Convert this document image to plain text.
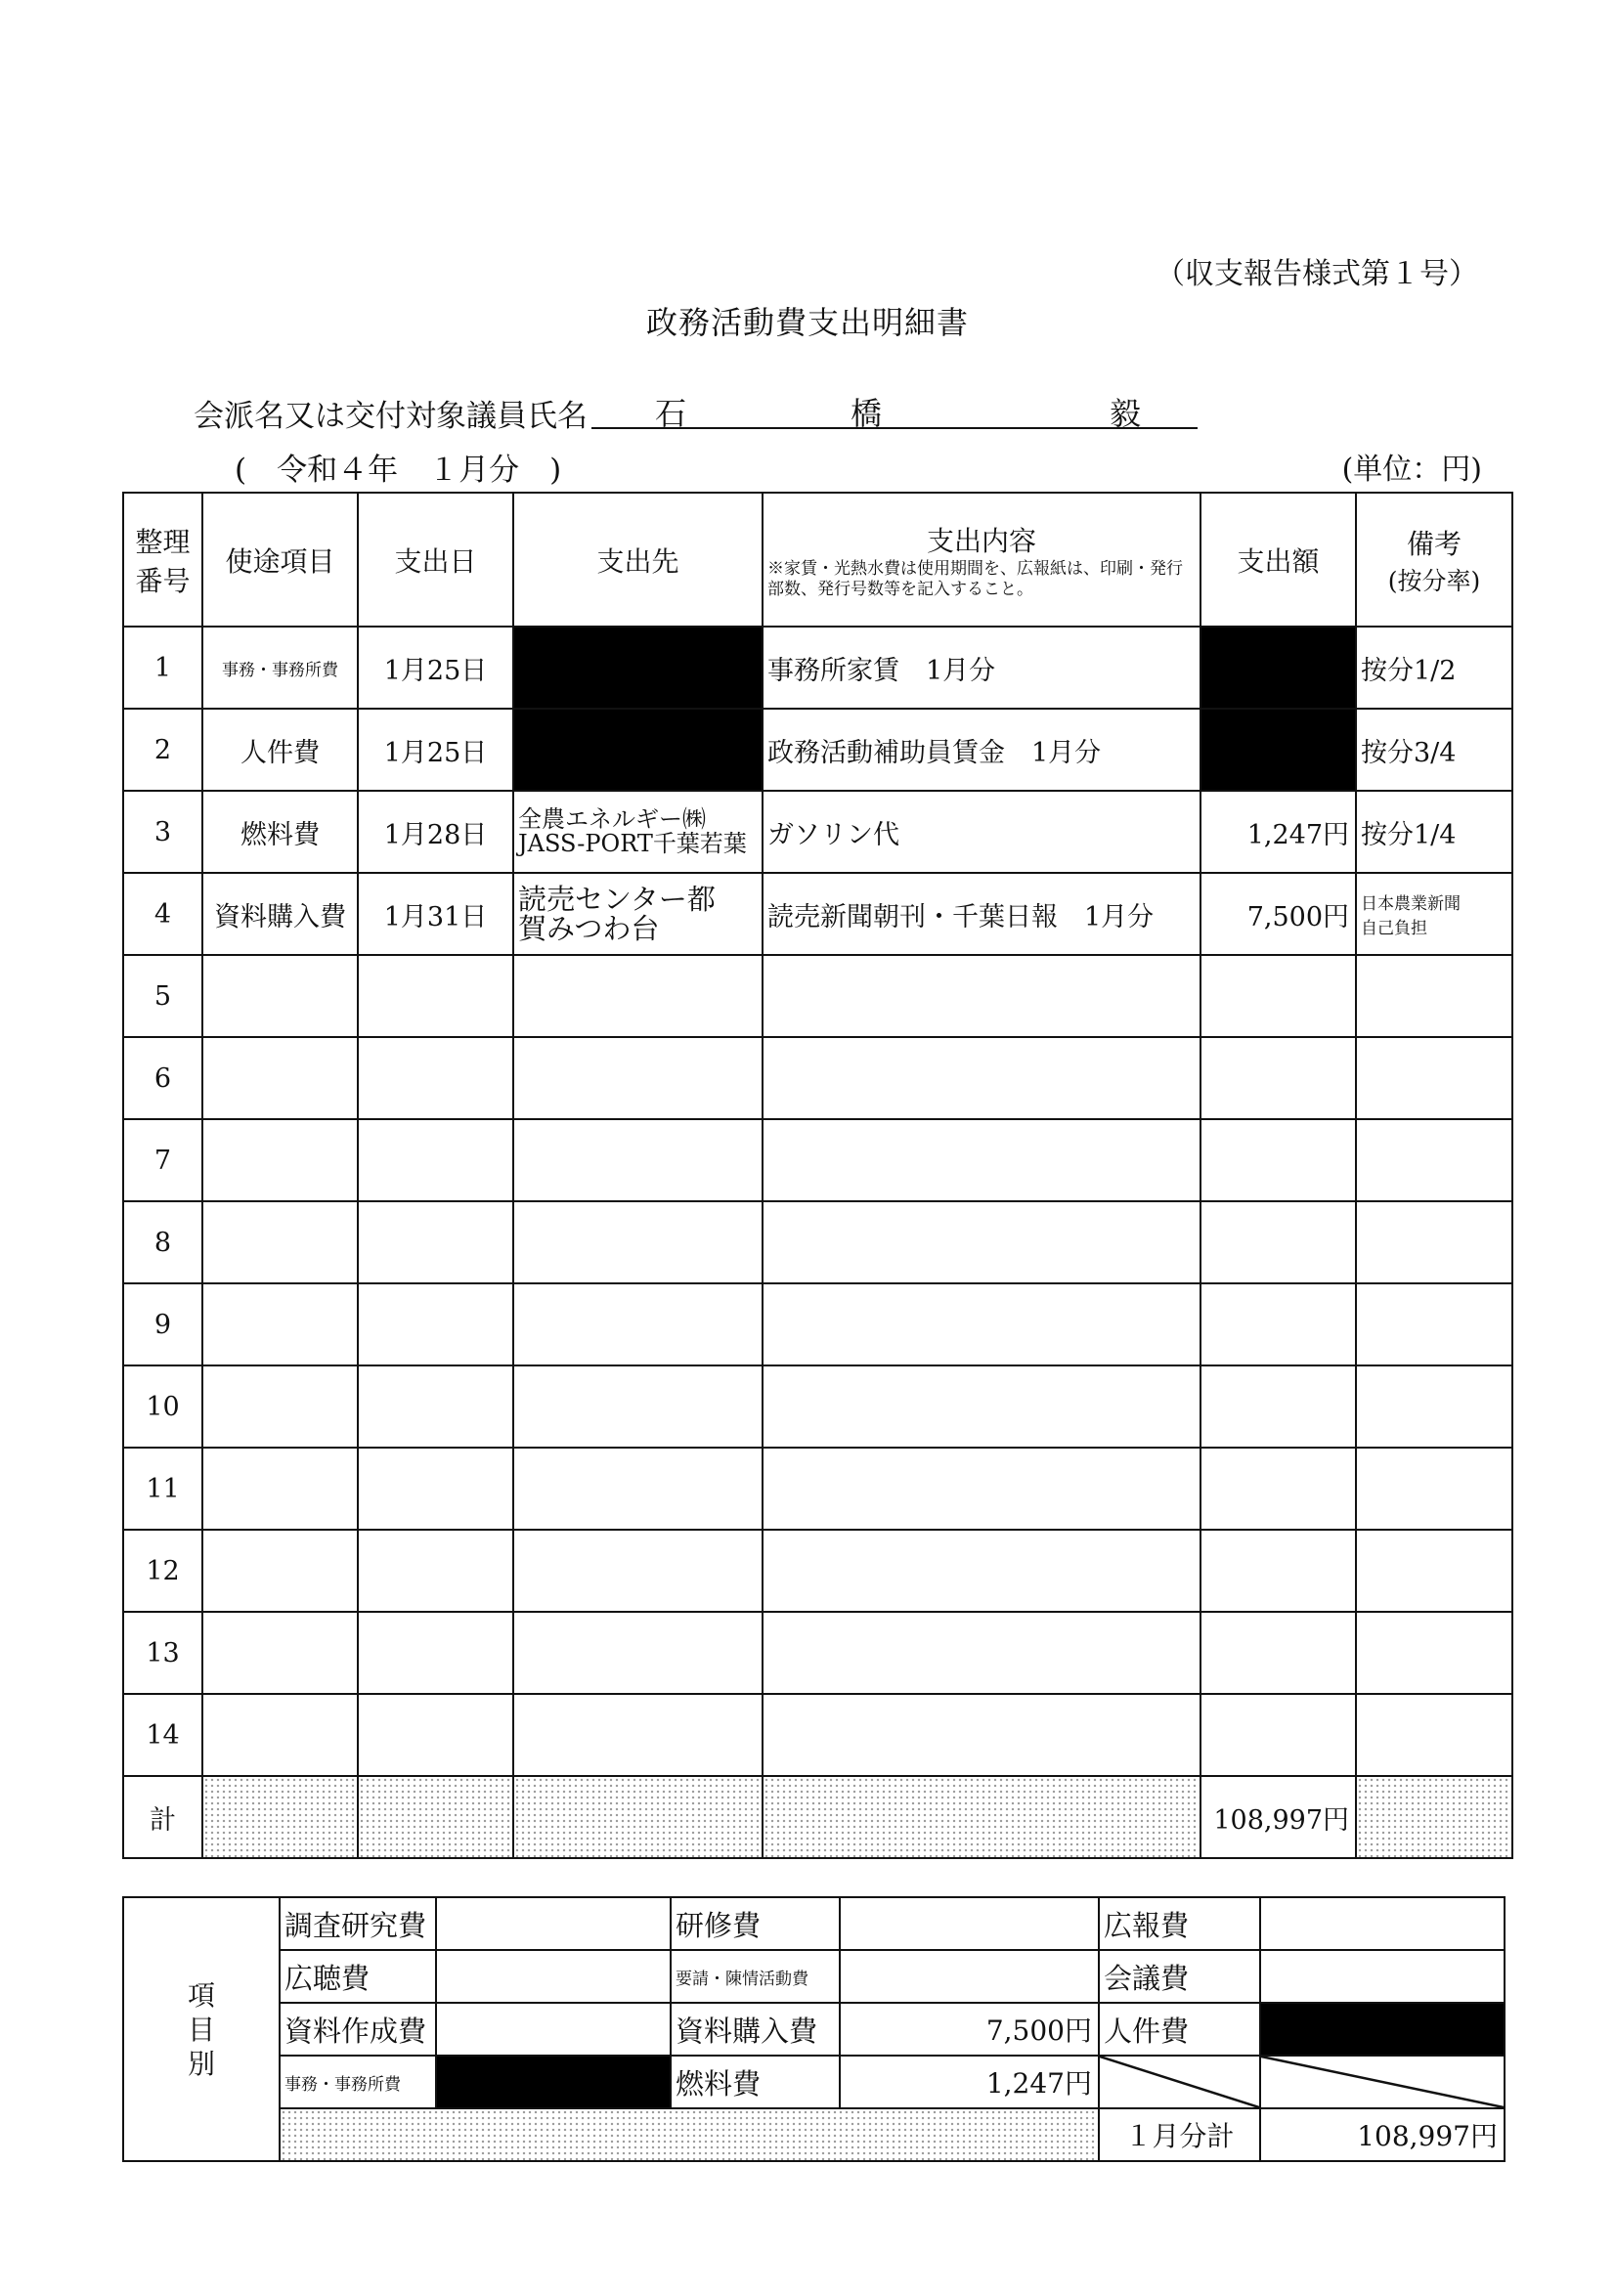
（収支報告様式第１号）
政務活動費支出明細書
会派名又は交付対象議員氏名 石	橋	毅
(　令和４年　１月分　)	(単位：円)
整理
番号	使途項目	支出日	支出先	支出内容
※家賃・光熱水費は使用期間を、広報紙は、印刷・発行部数、発行号数等を記入すること。	支出額	備考
(按分率)

1	事務・事務所費	1月25日		事務所家賃　1月分		按分1/2
2	人件費	1月25日		政務活動補助員賃金　1月分		按分3/4
3	燃料費	1月28日	全農エネルギー㈱
JASS-PORT千葉若葉	ガソリン代	1,247円	按分1/4
4	資料購入費	1月31日	読売センター都
賀みつわ台	読売新聞朝刊・千葉日報　1月分	7,500円	日本農業新聞
自己負担
5						
6						
7						
8						
9						
10						
11						
12						
13						
14						
計					108,997円	
項
目
別	調査研究費		研修費		広報費	
	広聴費		要請・陳情活動費		会議費	
	資料作成費		資料購入費	7,500円	人件費	
	事務・事務所費		燃料費	1,247円		
					１月分計	108,997円
